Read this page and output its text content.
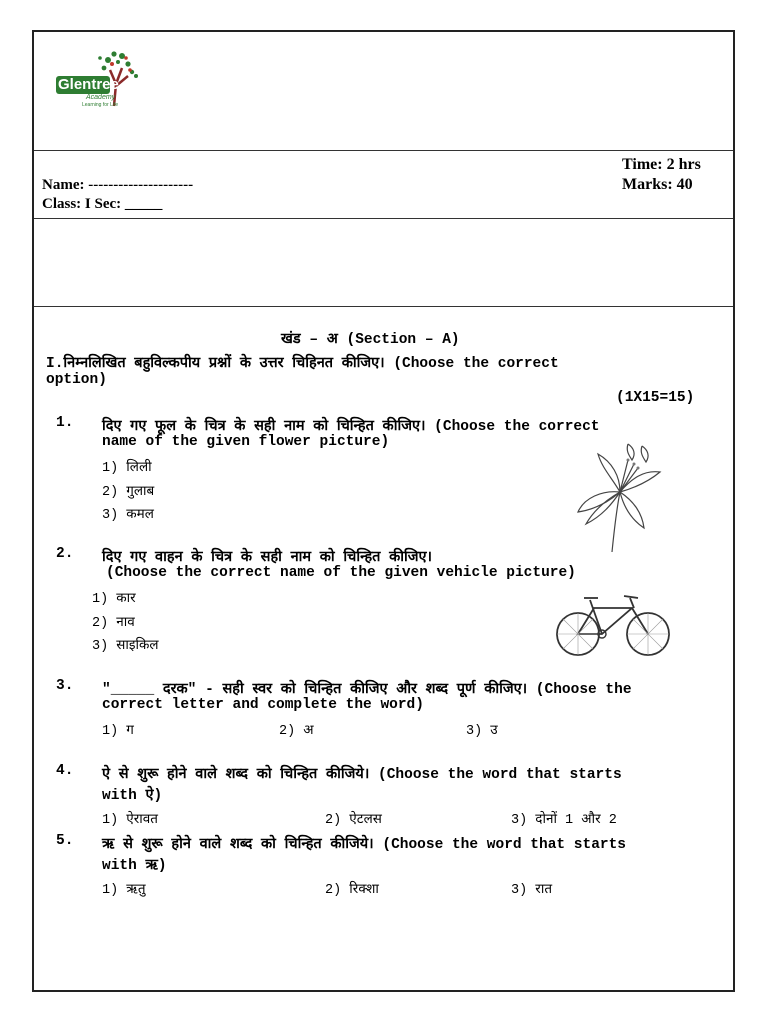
Glentree
Academy
Learning for Life
Name: ---------------------
Class: I Sec: _____
Time: 2 hrs
Marks: 40
खंड – अ (Section – A)
I.निम्नलिखित बहुविल्कपीय प्रश्नों के उत्तर चिहिनत कीजिए। (Choose the correct
option)
(1X15=15)
1. दिए गए फूल के चित्र के सही नाम को चिन्हित कीजिए। (Choose the correct
name of the given flower picture)
1) लिली
2) गुलाब
3) कमल
2. दिए गए वाहन के चित्र के सही नाम को चिन्हित कीजिए।
(Choose the correct name of the given vehicle picture)
1) कार
2) नाव
3) साइकिल
3. "_____ दरक" - सही स्वर को चिन्हित कीजिए और शब्द पूर्ण कीजिए। (Choose the
correct letter and complete the word)
1) ग	2) अ	3) उ
4. ऐ से शुरू होने वाले शब्द को चिन्हित कीजिये। (Choose the word that starts
with ऐ)
1) ऐरावत	2) ऐटलस	3) दोनों 1 और 2
5. ऋ से शुरू होने वाले शब्द को चिन्हित कीजिये। (Choose the word that starts
with ऋ)
1) ऋतु	2) रिक्शा	3) रात
